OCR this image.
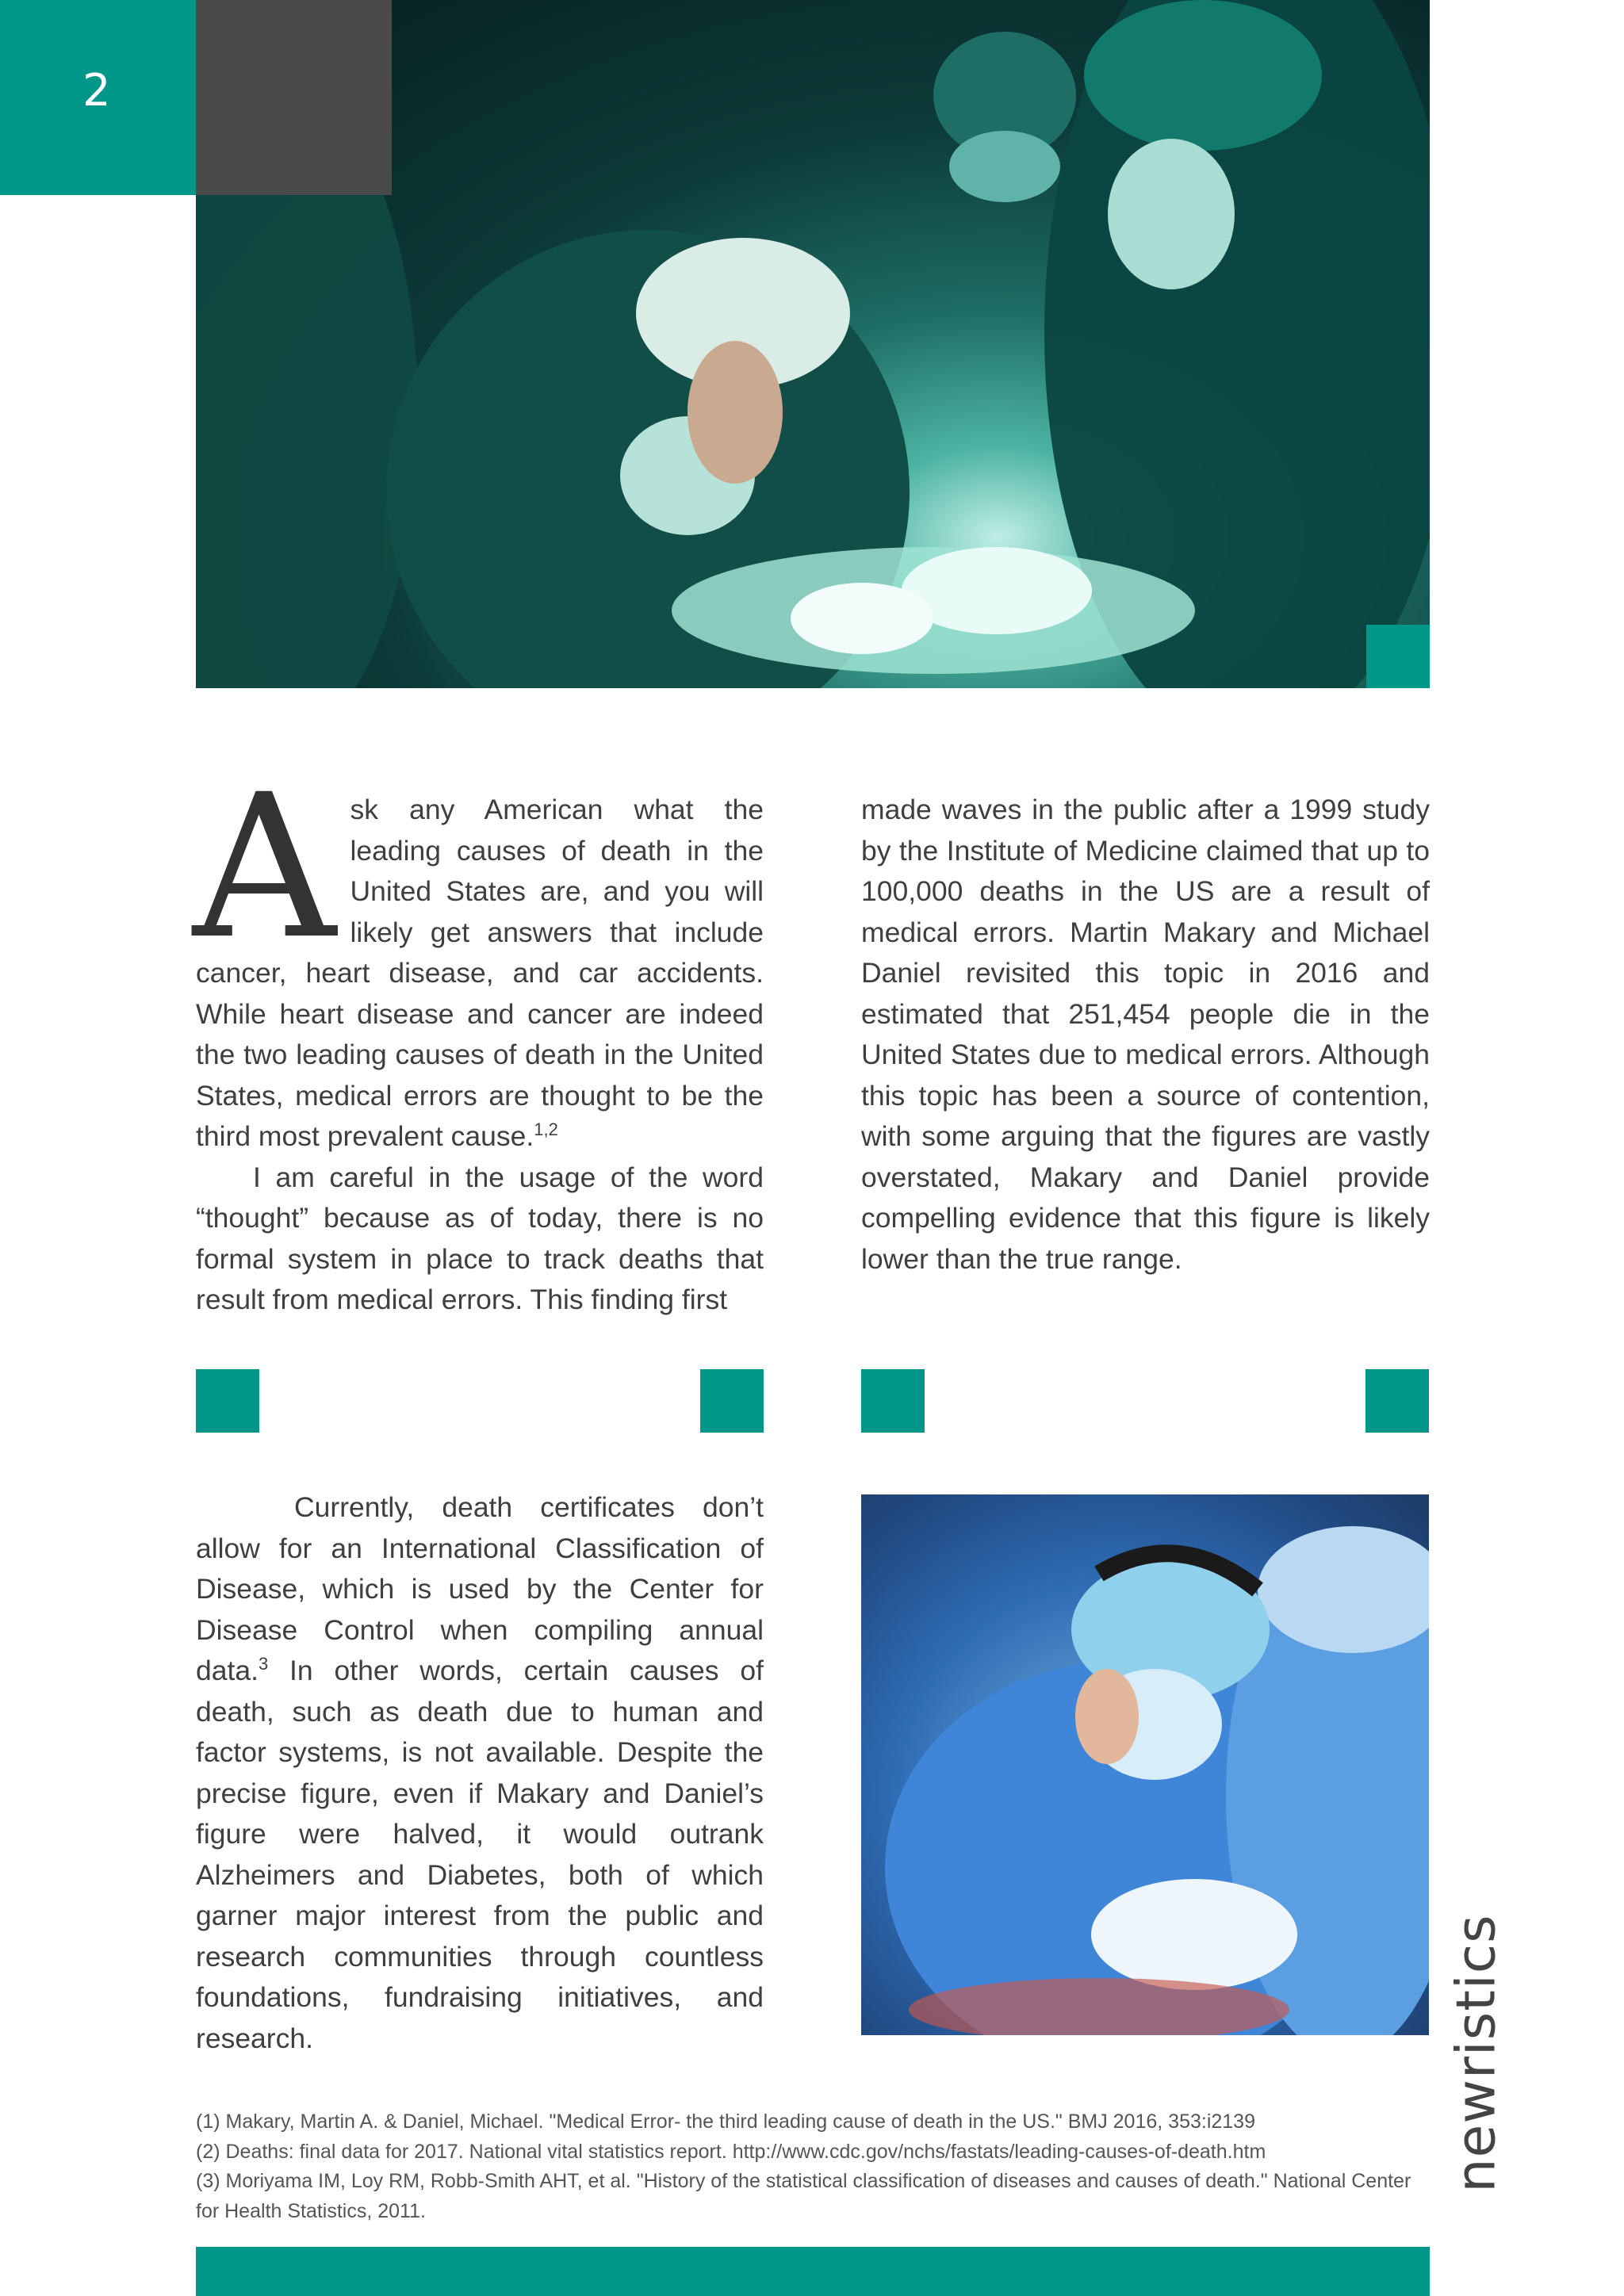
2

Ask any American what the leading causes of death in the United States are, and you will likely get answers that include cancer, heart disease, and car accidents. While heart disease and cancer are indeed the two leading causes of death in the United States, medical errors are thought to be the third most prevalent cause.$^{1,2}$

I am careful in the usage of the word “thought” because as of today, there is no formal system in place to track deaths that result from medical errors. This finding first

made waves in the public after a 1999 study by the Institute of Medicine claimed that up to 100,000 deaths in the US are a result of medical errors. Martin Makary and Michael Daniel revisited this topic in 2016 and estimated that 251,454 people die in the United States due to medical errors. Although this topic has been a source of contention, with some arguing that the figures are vastly overstated, Makary and Daniel provide compelling evidence that this figure is likely lower than the true range.

Currently, death certificates don’t allow for an International Classification of Disease, which is used by the Center for Disease Control when compiling annual data.$^3$ In other words, certain causes of death, such as death due to human and factor systems, is not available. Despite the precise figure, even if Makary and Daniel’s figure were halved, it would outrank Alzheimers and Diabetes, both of which garner major interest from the public and research communities through countless foundations, fundraising initiatives, and research.	newristics
(1) Makary, Martin A. & Daniel, Michael. "Medical Error- the third leading cause of death in the US." BMJ 2016, 353:i2139
(2) Deaths: final data for 2017. National vital statistics report. http://www.cdc.gov/nchs/fastats/leading-causes-of-death.htm
(3) Moriyama IM, Loy RM, Robb-Smith AHT, et al. "History of the statistical classification of diseases and causes of death." National Center for Health Statistics, 2011.
